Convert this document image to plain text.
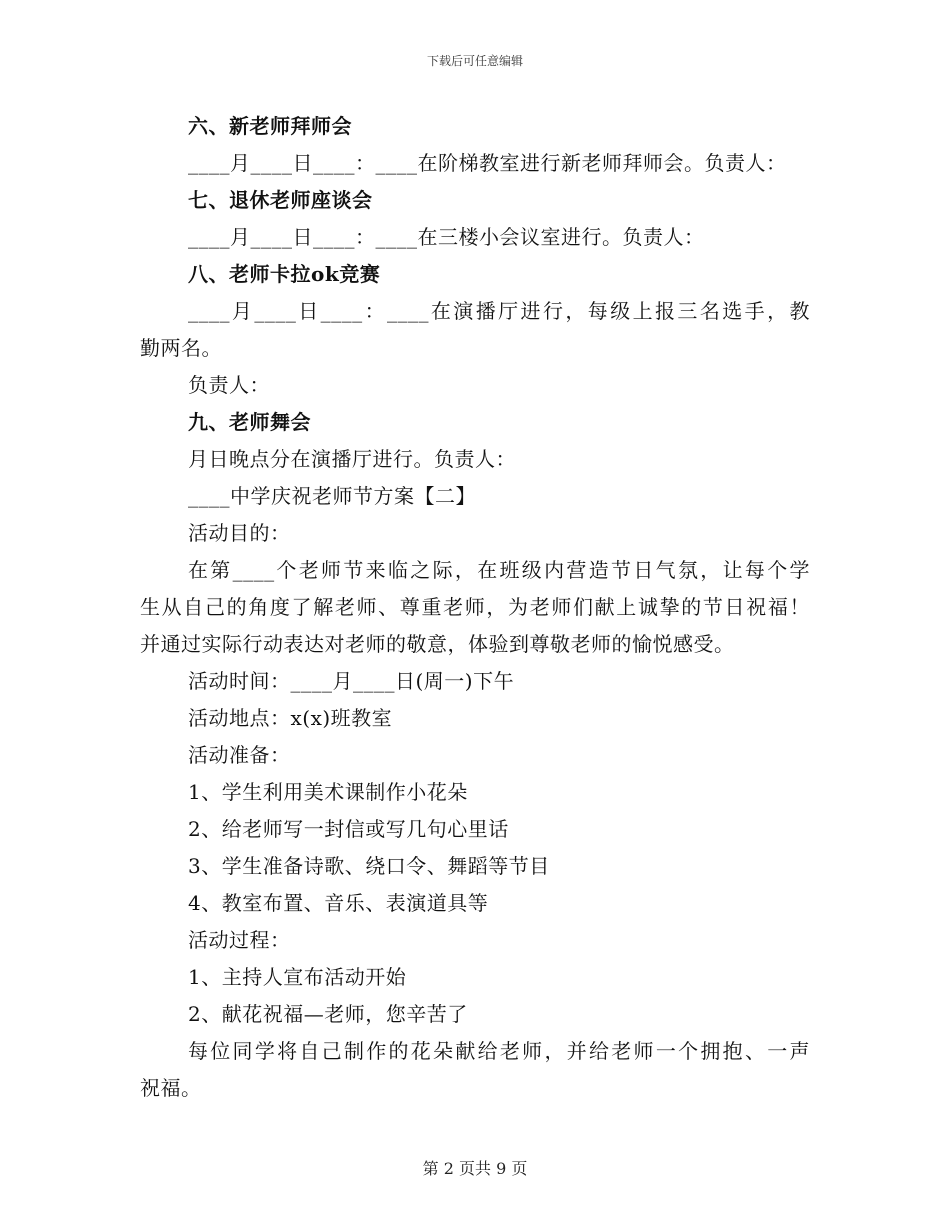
下载后可任意编辑
六、新老师拜师会
____月____日____：____在阶梯教室进行新老师拜师会。负责人：
七、退休老师座谈会
____月____日____：____在三楼小会议室进行。负责人：
八、老师卡拉ok竞赛
____月____日____：____在演播厅进行，每级上报三名选手，教
勤两名。
负责人：
九、老师舞会
月日晚点分在演播厅进行。负责人：
____中学庆祝老师节方案【二】
活动目的：
在第____个老师节来临之际，在班级内营造节日气氛，让每个学
生从自己的角度了解老师、尊重老师，为老师们献上诚挚的节日祝福！
并通过实际行动表达对老师的敬意，体验到尊敬老师的愉悦感受。
活动时间：____月____日(周一)下午
活动地点：x(x)班教室
活动准备：
1、学生利用美术课制作小花朵
2、给老师写一封信或写几句心里话
3、学生准备诗歌、绕口令、舞蹈等节目
4、教室布置、音乐、表演道具等
活动过程：
1、主持人宣布活动开始
2、献花祝福—老师，您辛苦了
每位同学将自己制作的花朵献给老师，并给老师一个拥抱、一声
祝福。
第 2 页共 9 页
